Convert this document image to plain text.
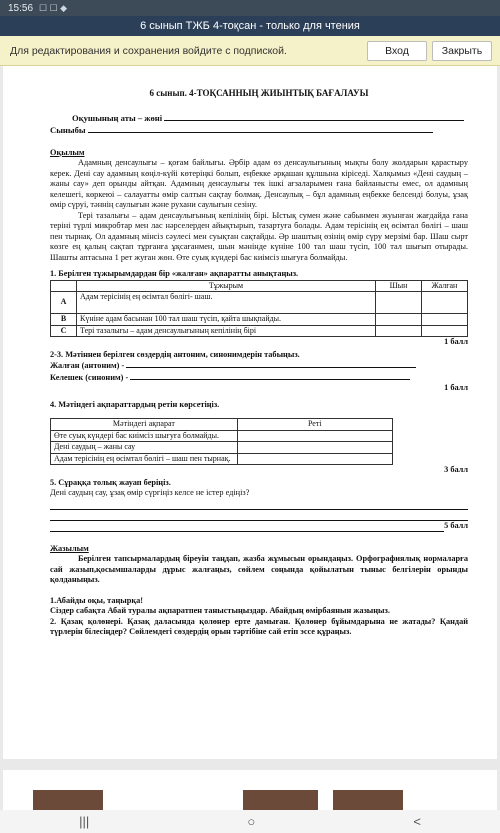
15:56 ☐ ☐ ◆
6 сынып ТЖБ 4-тоқсан - только для чтения
Для редактирования и сохранения войдите с подпиской.	Вход	Закрыть
6 сынып. 4-ТОҚСАННЫҢ ЖИЫНТЫҚ БАҒАЛАУЫ
Оқушының аты – жөні
Сыныбы
Оқылым
Адамның денсаулығы – қоғам байлығы. Әрбір адам өз денсаулығының мықты болу жолдарын қарастыру керек. Дені сау адамның көңіл-күйі көтеріңкі болып, еңбекке әрқашан құлшына кіріседі. Халқымыз «Дені саудың – жаны сау» деп орынды айтқан. Адамның денсаулығы тек ішкі ағзаларымен ғана байланысты емес, ол адамның келешегі, көркеюі – салауатты өмір салтын сақтау болмақ. Денсаулық – бұл адамның еңбекке белсенді болуы, ұзақ өмір сүруі, тәннің саулығын және рухани саулығын сезіну.
Тері тазалығы – адам денсаулығының кепілінің бірі. Ыстық сумен және сабынмен жуынған жағдайда ғана теріні түрлі микробтар мен лас нәрселерден айықтырып, тазартуға болады. Адам терісінің ең өсімтал бөлігі – шаш пен тырнақ. Ол адамның мінсіз сәулесі мен суықтан сақтайды. Әр шаштың өзінің өмір сүру мерзімі бар. Шаш сырт көзге ең қалың сақтап тұрғанға ұқсағанмен, шын мәнінде күніне 100 тал шаш түсіп, 100 тал шығып отырады. Шашты аптасына 1 рет жуған жөн. Өте суық күндері бас киімсіз шығуға болмайды.
1. Берілген тұжырымдардан бір «жалған» ақпаратты анықтаңыз.
	Тұжырым	Шын	Жалған
А	Адам терісінің ең өсімтал бөлігі- шаш.		
В	Күніне адам басынан 100 тал шаш түсіп, қайта шықпайды.		
С	Тері тазалығы – адам денсаулығының кепілінің бірі		
1 балл
2-3. Мәтіннен берілген сөздердің антоним, синонимдерін табыңыз.
Жалған (антоним) -
Келешек (синоним) -
1 балл
4. Мәтіндегі ақпараттардың ретін көрсетіңіз.
Мәтіндегі ақпарат	Реті
Өте суық күндері бас киімсіз шығуға болмайды.	
Дені саудың – жаны сау	
Адам терісінің ең өсімтал бөлігі – шаш пен тырнақ.	
3 балл
5. Сұраққа толық жауап беріңіз.
Дені саудың сау, ұзақ өмір сүргіңіз келсе не істер едіңіз?
5 балл
Жазылым
Берілген тапсырмалардың біреуін таңдап, жазба жұмысын орындаңыз. Орфографиялық нормаларға сай жазып,қосымшаларды дұрыс жалғаңыз, сөйлем соңында қойылатын тыныс белгілерін орынды қолданыңыз.
1.Абайды оқы, таңырқа!
Сіздер сабақта Абай туралы ақпаратпен таныстыңыздар. Абайдың өмірбаянын жазыңыз.
2. Қазақ қолөнері. Қазақ даласында қолөнер ерте дамыған. Қолөнер бұйымдарына не жатады? Қандай түрлерін білесіңдер? Сөйлемдегі сөздердің орын тәртібіне сай етіп эссе құраңыз.
|||	○	<
